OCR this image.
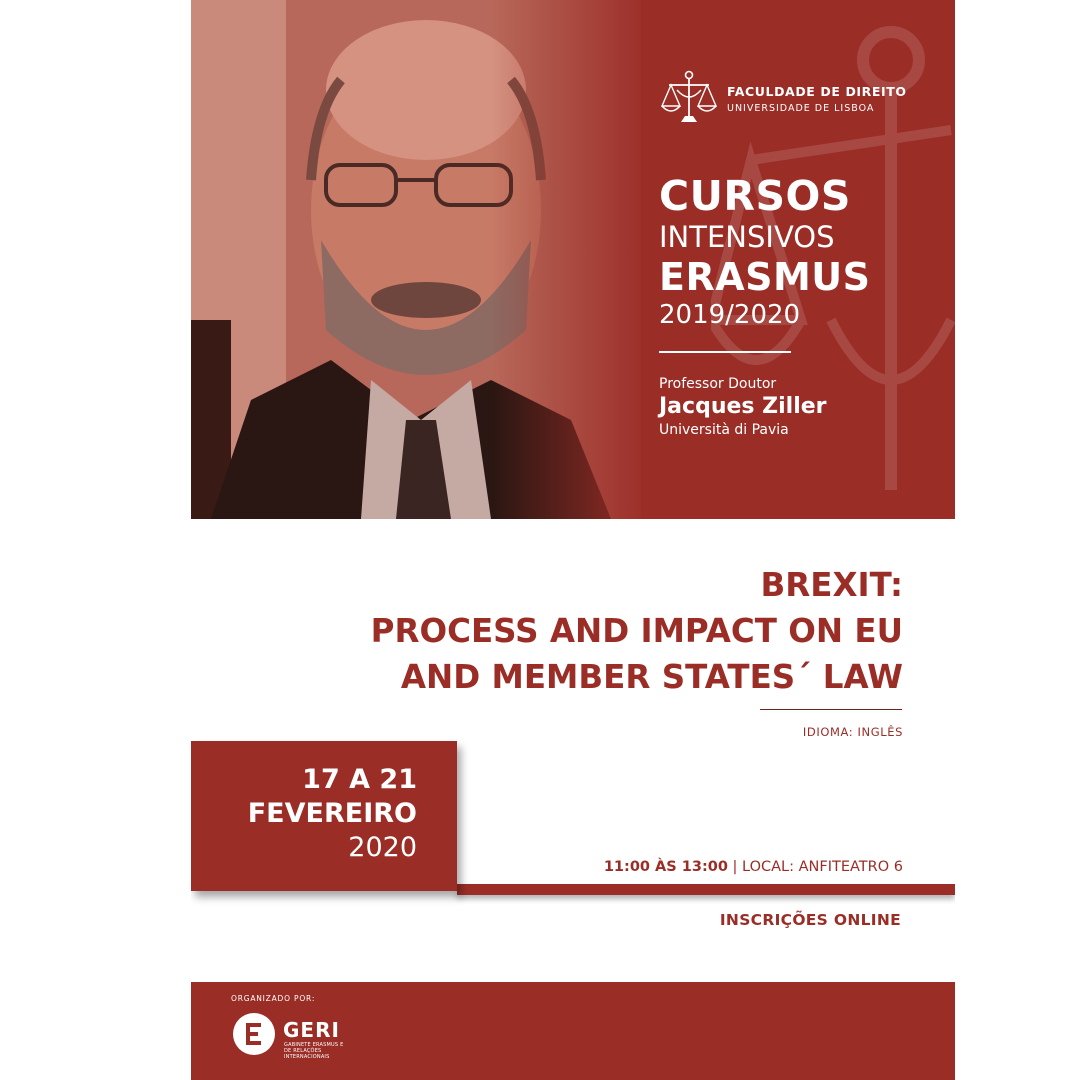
FACULDADE DE DIREITO
UNIVERSIDADE DE LISBOA
CURSOS
INTENSIVOS
ERASMUS
2019/2020
Professor Doutor
Jacques Ziller
Università di Pavia
BREXIT:
PROCESS AND IMPACT ON EU
AND MEMBER STATES´ LAW
IDIOMA: INGLÊS
17 A 21
FEVEREIRO
2020
11:00 ÀS 13:00 | LOCAL: ANFITEATRO 6
INSCRIÇÕES ONLINE
ORGANIZADO POR:
GERI
GABINETE ERASMUS E DE RELAÇÕES INTERNACIONAIS
